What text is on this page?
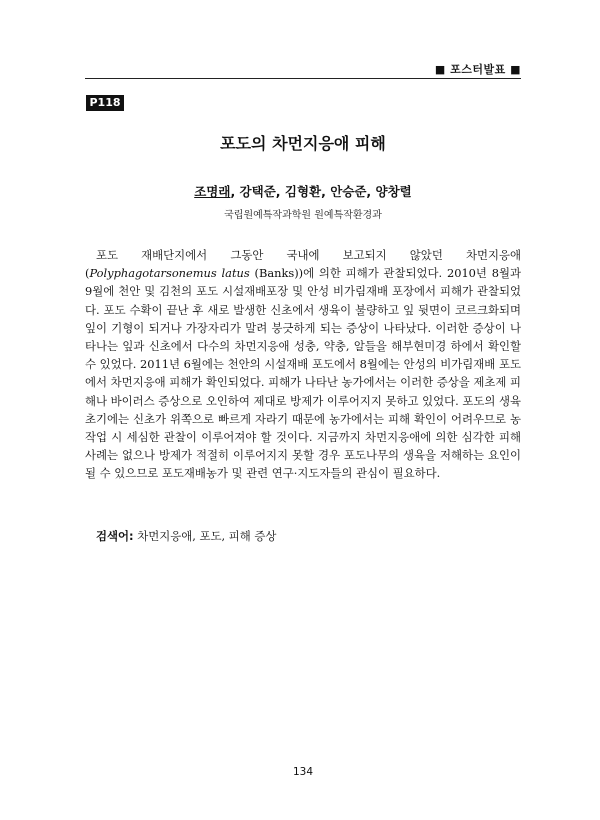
■ 포스터발표 ■
P118
포도의 차먼지응애 피해
조명래, 강택준, 김형환, 안승준, 양창렬
국립원예특작과학원 원예특작환경과

포도 재배단지에서 그동안 국내에 보고되지 않았던 차먼지응애 (Polyphagotarsonemus latus (Banks))에 의한 피해가 관찰되었다. 2010년 8월과 9월에 천안 및 김천의 포도 시설재배포장 및 안성 비가림재배 포장에서 피해가 관찰되었다. 포도 수확이 끝난 후 새로 발생한 신초에서 생육이 불량하고 잎 뒷면이 코르크화되며 잎이 기형이 되거나 가장자리가 말려 붕긋하게 되는 증상이 나타났다. 이러한 증상이 나타나는 잎과 신초에서 다수의 차먼지응애 성충, 약충, 알들을 해부현미경 하에서 확인할 수 있었다. 2011년 6월에는 천안의 시설재배 포도에서 8월에는 안성의 비가림재배 포도에서 차먼지응애 피해가 확인되었다. 피해가 나타난 농가에서는 이러한 증상을 제초제 피해나 바이러스 증상으로 오인하여 제대로 방제가 이루어지지 못하고 있었다. 포도의 생육 초기에는 신초가 위쪽으로 빠르게 자라기 때문에 농가에서는 피해 확인이 어려우므로 농작업 시 세심한 관찰이 이루어져야 할 것이다. 지금까지 차먼지응애에 의한 심각한 피해 사례는 없으나 방제가 적절히 이루어지지 못할 경우 포도나무의 생육을 저해하는 요인이 될 수 있으므로 포도재배농가 및 관련 연구·지도자들의 관심이 필요하다.

검색어: 차먼지응애, 포도, 피해 증상
134
